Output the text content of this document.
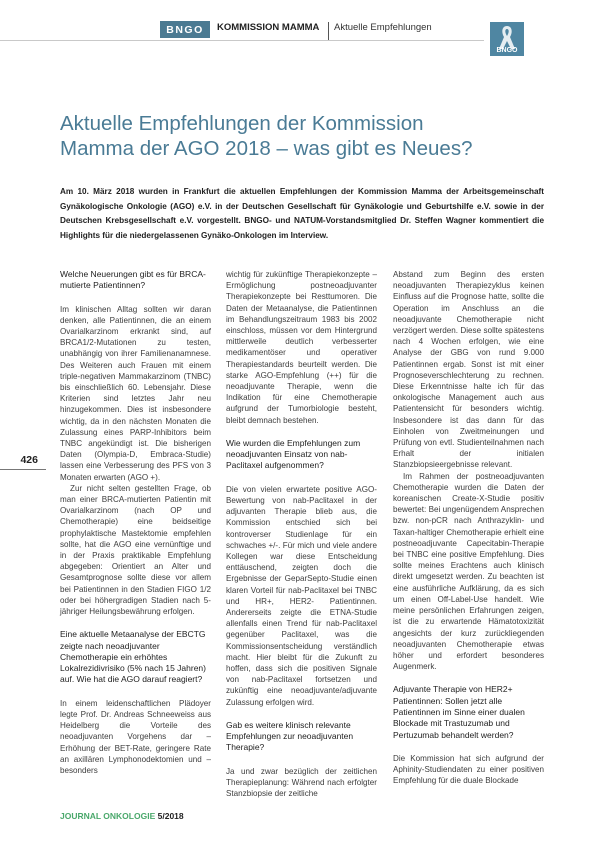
BNGO	KOMMISSION MAMMA Aktuelle Empfehlungen
BNGO
Aktuelle Empfehlungen der Kommission
Mamma der AGO 2018 – was gibt es Neues?
Am 10. März 2018 wurden in Frankfurt die aktuellen Empfehlungen der Kommission Mamma der Arbeitsgemeinschaft Gynäkologische Onkologie (AGO) e.V. in der Deutschen Gesellschaft für Gynäkologie und Geburtshilfe e.V. sowie in der Deutschen Krebsgesellschaft e.V. vorgestellt. BNGO- und NATUM-Vorstandsmitglied Dr. Steffen Wagner kommentiert die Highlights für die niedergelassenen Gynäko-Onkologen im Interview.
426
Welche Neuerungen gibt es für BRCA-mutierte Patientinnen?

Im klinischen Alltag sollten wir daran denken, alle Patientinnen, die an einem Ovarialkarzinom erkrankt sind, auf BRCA1/2-Mutationen zu testen, unabhängig von ihrer Familienanamnese. Des Weiteren auch Frauen mit einem triple-negativen Mammakarzinom (TNBC) bis einschließlich 60. Lebensjahr. Diese Kriterien sind letztes Jahr neu hinzugekommen. Dies ist insbesondere wichtig, da in den nächsten Monaten die Zulassung eines PARP-Inhibitors beim TNBC angekündigt ist. Die bisherigen Daten (Olympia-D, Embraca-Studie) lassen eine Verbesserung des PFS von 3 Monaten erwarten (AGO +).

Zur nicht selten gestellten Frage, ob man einer BRCA-mutierten Patientin mit Ovarialkarzinom (nach OP und Chemotherapie) eine beidseitige prophylaktische Mastektomie empfehlen sollte, hat die AGO eine vernünftige und in der Praxis praktikable Empfehlung abgegeben: Orientiert an Alter und Gesamtprognose sollte diese vor allem bei Patientinnen in den Stadien FIGO 1/2 oder bei höhergradigen Stadien nach 5-jähriger Heilungsbewährung erfolgen.

Eine aktuelle Metaanalyse der EBCTG zeigte nach neoadjuvanter Chemotherapie ein erhöhtes Lokalrezidivrisiko (5% nach 15 Jahren) auf. Wie hat die AGO darauf reagiert?

In einem leidenschaftlichen Plädoyer legte Prof. Dr. Andreas Schneeweiss aus Heidelberg die Vorteile des neoadjuvanten Vorgehens dar – Erhöhung der BET-Rate, geringere Rate an axillären Lymphonodektomien und – besonders

wichtig für zukünftige Therapiekonzepte – Ermöglichung postneoadjuvanter Therapiekonzepte bei Resttumoren. Die Daten der Metaanalyse, die Patientinnen im Behandlungszeitraum 1983 bis 2002 einschloss, müssen vor dem Hintergrund mittlerweile deutlich verbesserter medikamentöser und operativer Therapiestandards beurteilt werden. Die starke AGO-Empfehlung (++) für die neoadjuvante Therapie, wenn die Indikation für eine Chemotherapie aufgrund der Tumorbiologie besteht, bleibt demnach bestehen.

Wie wurden die Empfehlungen zum neoadjuvanten Einsatz von nab-Paclitaxel aufgenommen?

Die von vielen erwartete positive AGO-Bewertung von nab-Paclitaxel in der adjuvanten Therapie blieb aus, die Kommission entschied sich bei kontroverser Studienlage für ein schwaches +/-. Für mich und viele andere Kollegen war diese Entscheidung enttäuschend, zeigten doch die Ergebnisse der GeparSepto-Studie einen klaren Vorteil für nab-Paclitaxel bei TNBC und HR+, HER2- Patientinnen. Andererseits zeigte die ETNA-Studie allenfalls einen Trend für nab-Paclitaxel gegenüber Paclitaxel, was die Kommissionsentscheidung verständlich macht. Hier bleibt für die Zukunft zu hoffen, dass sich die positiven Signale von nab-Paclitaxel fortsetzen und zukünftig eine neoadjuvante/adjuvante Zulassung erfolgen wird.

Gab es weitere klinisch relevante Empfehlungen zur neoadjuvanten Therapie?

Ja und zwar bezüglich der zeitlichen Therapieplanung: Während nach erfolgter Stanzbiopsie der zeitliche

Abstand zum Beginn des ersten neoadjuvanten Therapiezyklus keinen Einfluss auf die Prognose hatte, sollte die Operation im Anschluss an die neoadjuvante Chemotherapie nicht verzögert werden. Diese sollte spätestens nach 4 Wochen erfolgen, wie eine Analyse der GBG von rund 9.000 Patientinnen ergab. Sonst ist mit einer Prognoseverschlechterung zu rechnen. Diese Erkenntnisse halte ich für das onkologische Management auch aus Patientensicht für besonders wichtig. Insbesondere ist das dann für das Einholen von Zweitmeinungen und Prüfung von evtl. Studienteilnahmen nach Erhalt der initialen Stanzbiopsieergebnisse relevant.

Im Rahmen der postneoadjuvanten Chemotherapie wurden die Daten der koreanischen Create-X-Studie positiv bewertet: Bei ungenügendem Ansprechen bzw. non-pCR nach Anthrazyklin- und Taxan-haltiger Chemotherapie erhielt eine postneoadjuvante Capecitabin-Therapie bei TNBC eine positive Empfehlung. Dies sollte meines Erachtens auch klinisch direkt umgesetzt werden. Zu beachten ist eine ausführliche Aufklärung, da es sich um einen Off-Label-Use handelt. Wie meine persönlichen Erfahrungen zeigen, ist die zu erwartende Hämatotoxizität angesichts der kurz zurückliegenden neoadjuvanten Chemotherapie etwas höher und erfordert besonderes Augenmerk.

Adjuvante Therapie von HER2+ Patientinnen: Sollen jetzt alle Patientinnen im Sinne einer dualen Blockade mit Trastuzumab und Pertuzumab behandelt werden?

Die Kommission hat sich aufgrund der Aphinity-Studiendaten zu einer positiven Empfehlung für die duale Blockade

JOURNAL ONKOLOGIE 5/2018
